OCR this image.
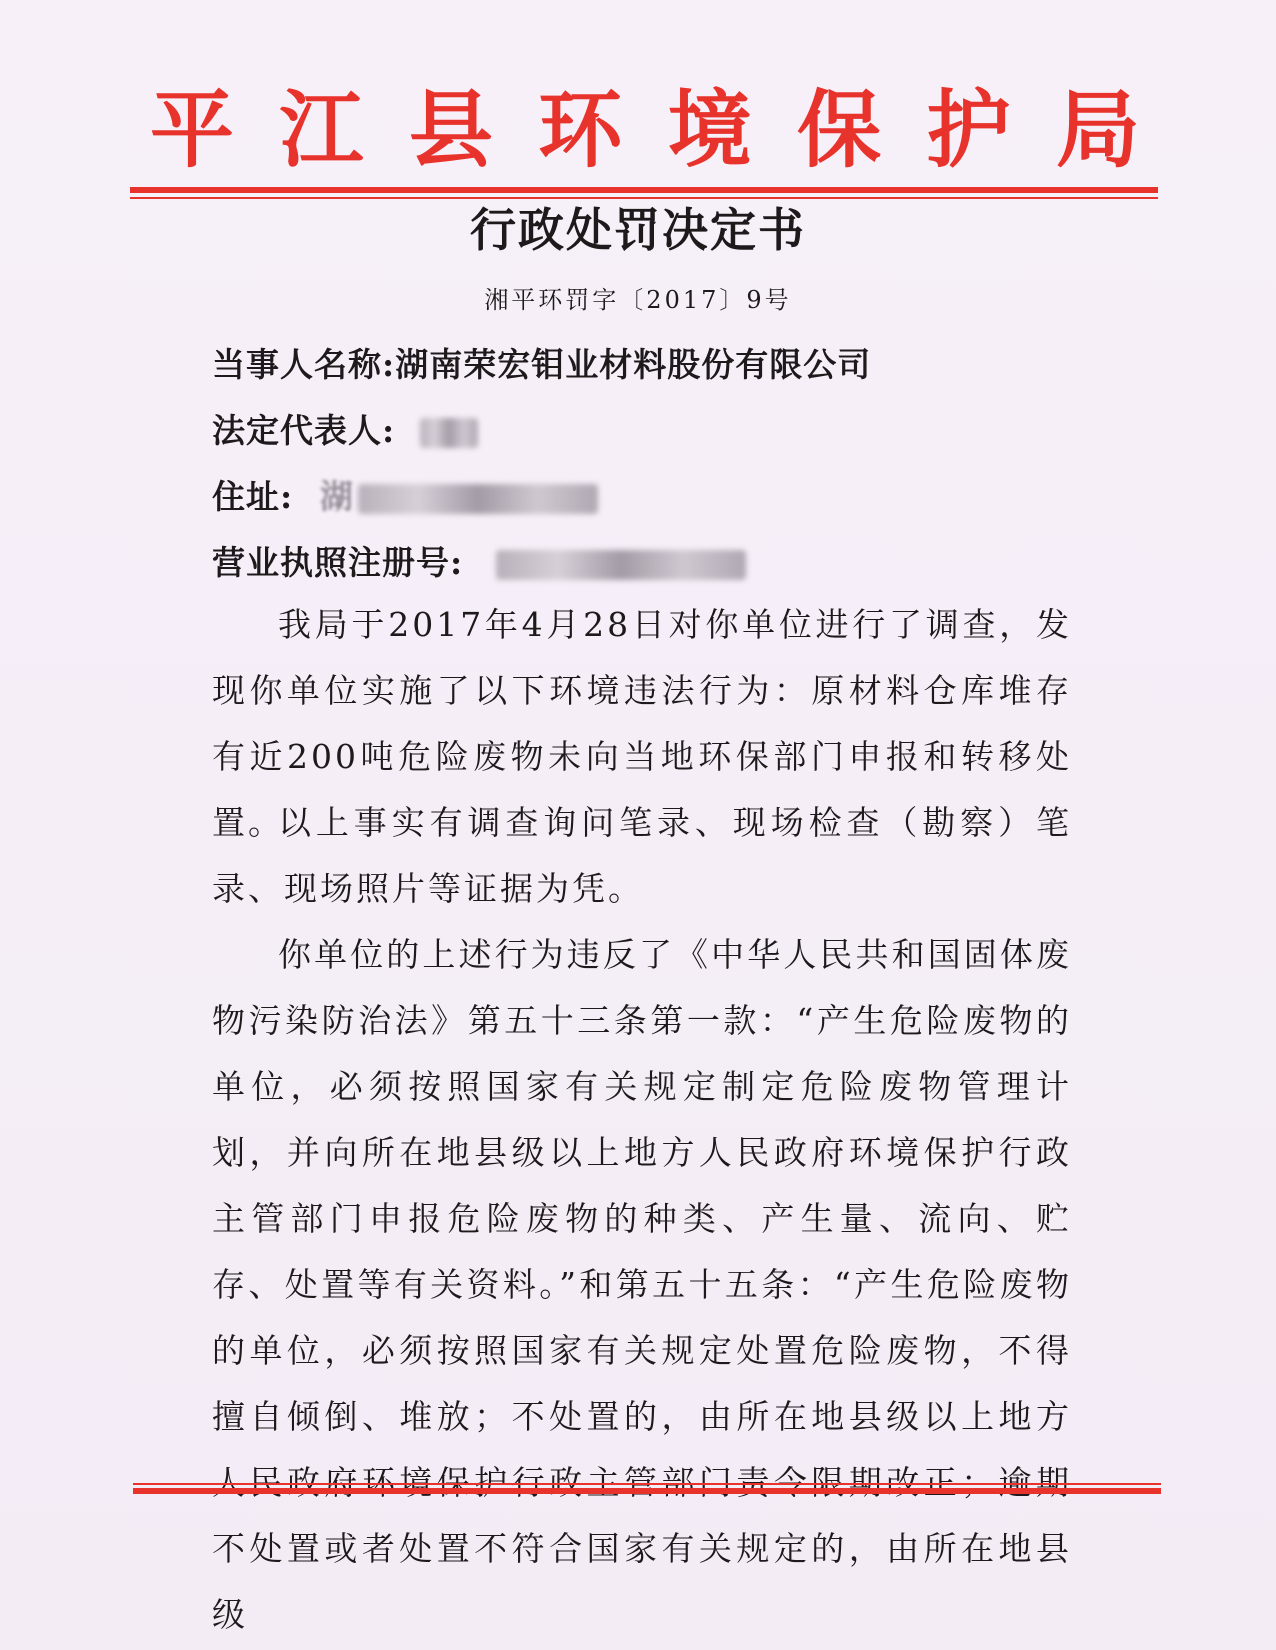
平 江 县 环 境 保 护 局
行政处罚决定书
湘平环罚字〔2017〕9号
当事人名称:湖南荣宏钼业材料股份有限公司
法定代表人:
住址: 湖
营业执照注册号:
我局于2017年4月28日对你单位进行了调查，发现你单位实施了以下环境违法行为：原材料仓库堆存有近200吨危险废物未向当地环保部门申报和转移处置。
以上事实有调查询问笔录、现场检查（勘察）笔录、现场照片等证据为凭。
你单位的上述行为违反了《中华人民共和国固体废物污染防治法》第五十三条第一款：“产生危险废物的单位，必须按照国家有关规定制定危险废物管理计划，并向所在地县级以上地方人民政府环境保护行政主管部门申报危险废物的种类、产生量、流向、贮存、处置等有关资料。”和第五十五条：“产生危险废物的单位，必须按照国家有关规定处置危险废物，不得擅自倾倒、堆放；不处置的，由所在地县级以上地方 不处置或者处置不符合国家有关规定的，由所在地县级
